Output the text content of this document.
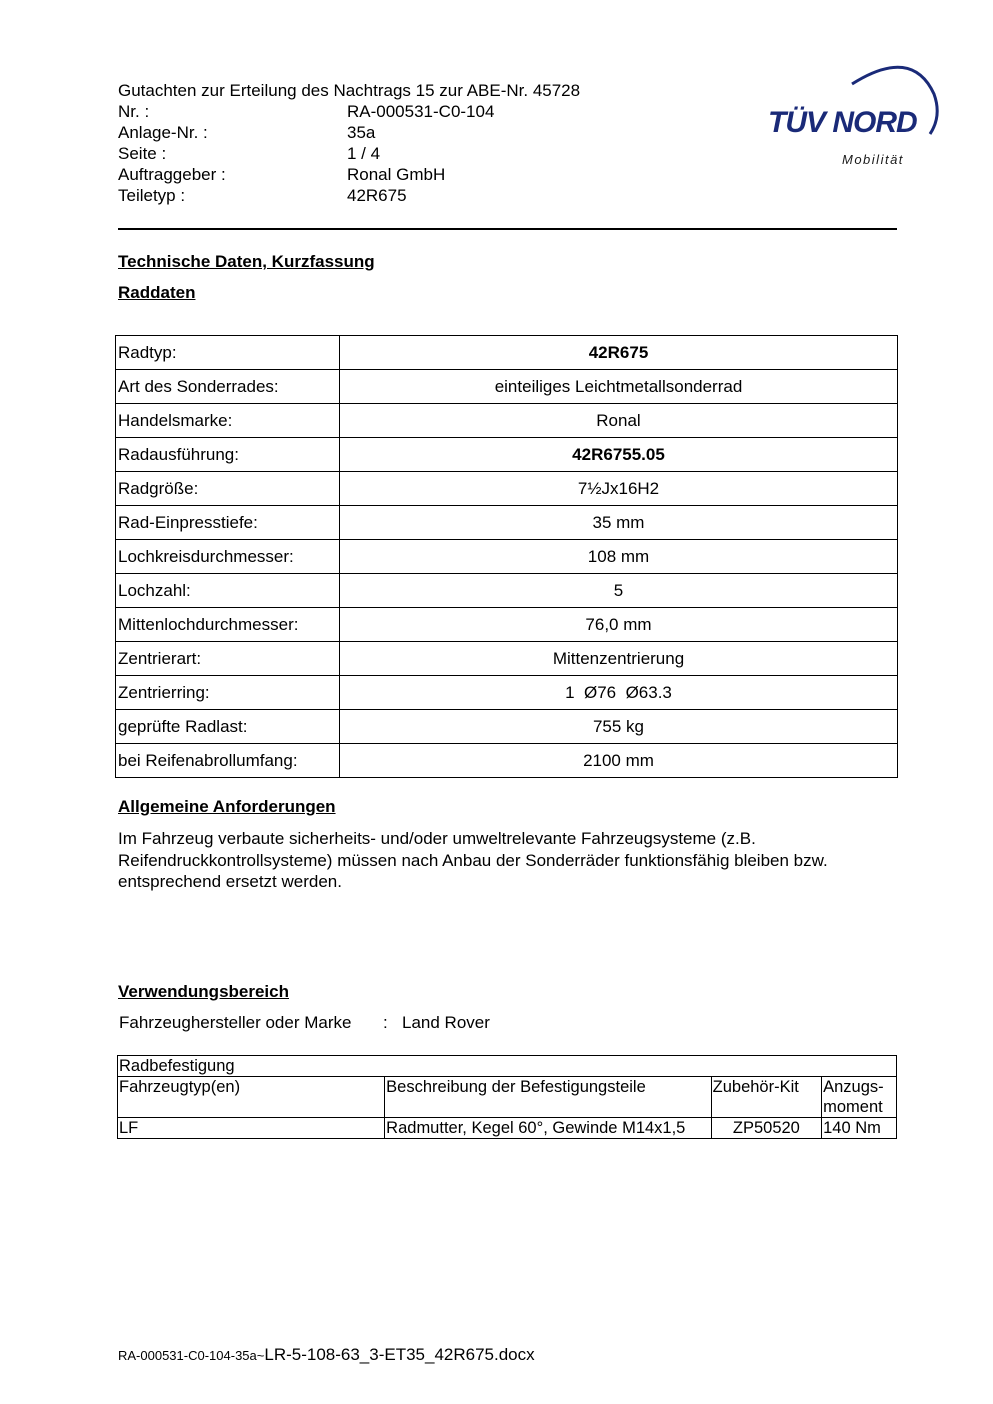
Gutachten zur Erteilung des Nachtrags 15 zur ABE-Nr. 45728
Nr. :	RA-000531-C0-104
Anlage-Nr. :	35a
Seite :	1 / 4
Auftraggeber :	Ronal GmbH
Teiletyp :	42R675
TÜV NORD
Mobilität
Technische Daten, Kurzfassung
Raddaten
Radtyp:	42R675
Art des Sonderrades:	einteiliges Leichtmetallsonderrad
Handelsmarke:	Ronal
Radausführung:	42R6755.05
Radgröße:	7½Jx16H2
Rad-Einpresstiefe:	35 mm
Lochkreisdurchmesser:	108 mm
Lochzahl:	5
Mittenlochdurchmesser:	76,0 mm
Zentrierart:	Mittenzentrierung
Zentrierring:	1  Ø76  Ø63.3
geprüfte Radlast:	755 kg
bei Reifenabrollumfang:	2100 mm
Allgemeine Anforderungen
Im Fahrzeug verbaute sicherheits- und/oder umweltrelevante Fahrzeugsysteme (z.B. Reifendruckkontrollsysteme) müssen nach Anbau der Sonderräder funktionsfähig bleiben bzw. entsprechend ersetzt werden.
Verwendungsbereich
Fahrzeughersteller oder Marke : Land Rover
Radbefestigung			
Fahrzeugtyp(en)	Beschreibung der Befestigungsteile	Zubehör-Kit	Anzugs-
moment
LF	Radmutter, Kegel 60°, Gewinde M14x1,5	ZP50520	140 Nm
RA-000531-C0-104-35a~LR-5-108-63_3-ET35_42R675.docx
